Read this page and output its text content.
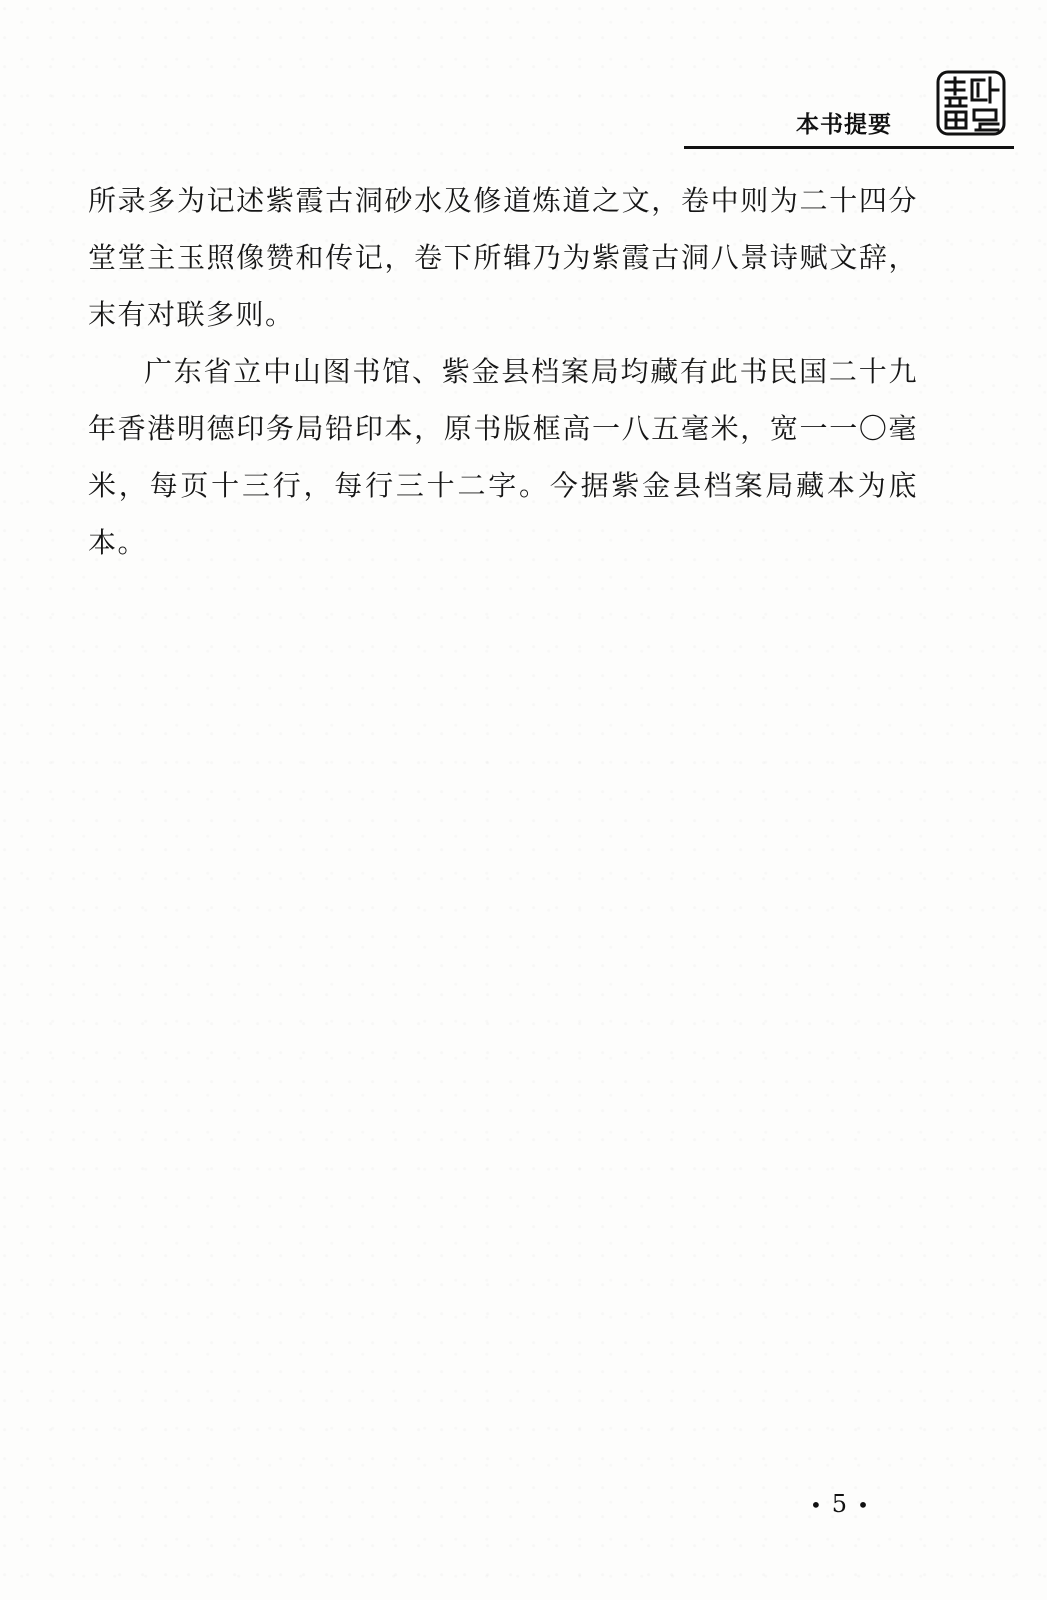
本书提要

所录多为记述紫霞古洞砂水及修道炼道之文，卷中则为二十四分堂堂主玉照像赞和传记，卷下所辑乃为紫霞古洞八景诗赋文辞，末有对联多则。

广东省立中山图书馆、紫金县档案局均藏有此书民国二十九年香港明德印务局铅印本，原书版框高一八五毫米，宽一一〇毫米，每页十三行，每行三十二字。今据紫金县档案局藏本为底本。

• 5 •
